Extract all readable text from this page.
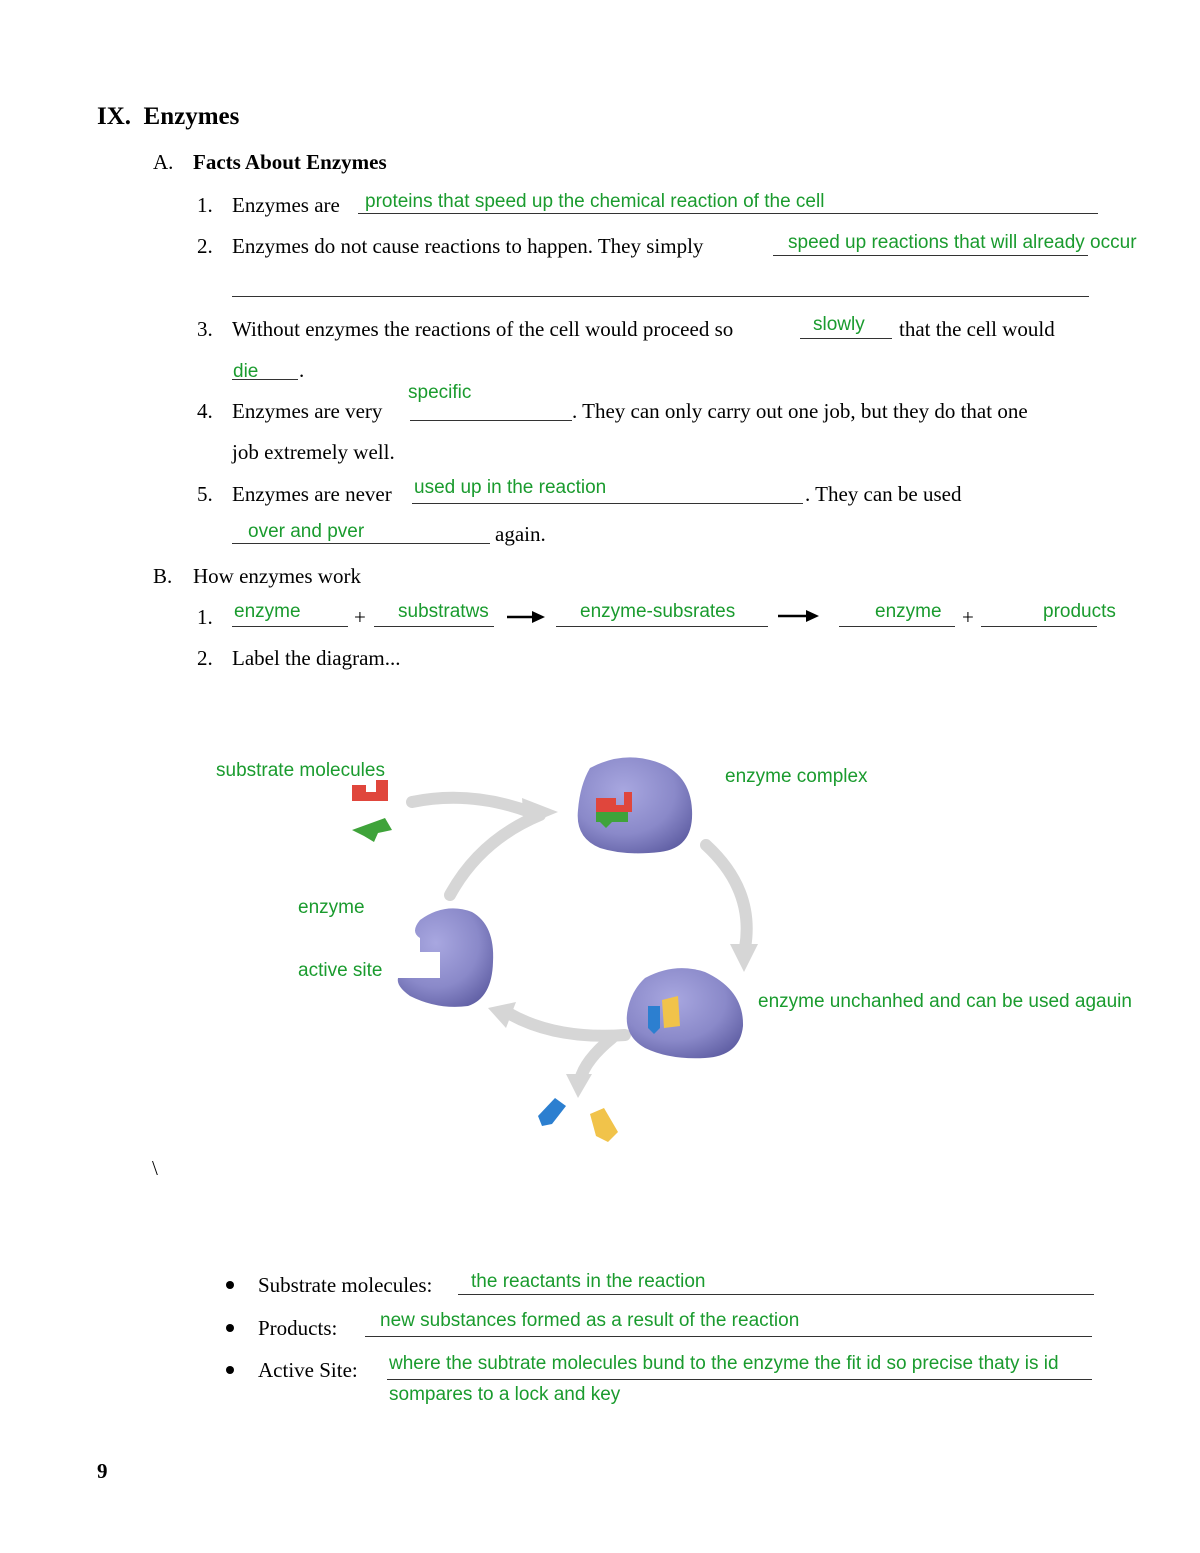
IX. Enzymes
A. Facts About Enzymes
1. Enzymes are proteins that speed up the chemical reaction of the cell
2. Enzymes do not cause reactions to happen. They simply	speed up reactions that will already occur
3. Without enzymes the reactions of the cell would proceed so	slowly that the cell would
die .
specific
4. Enzymes are very	. They can only carry out one job, but they do that one
job extremely well.
5. Enzymes are never used up in the reaction	. They can be used
over and pver	again.
B. How enzymes work
1. enzyme	+ substratws	enzyme-subsrates	enzyme +	products
2. Label the diagram...
substrate molecules	enzyme complex
enzyme
active site
enzyme unchanhed and can be used agauin
\
Substrate molecules: the reactants in the reaction
Products: new substances formed as a result of the reaction
Active Site: where the subtrate molecules bund to the enzyme the fit id so precise thaty is id
sompares to a lock and key
9
